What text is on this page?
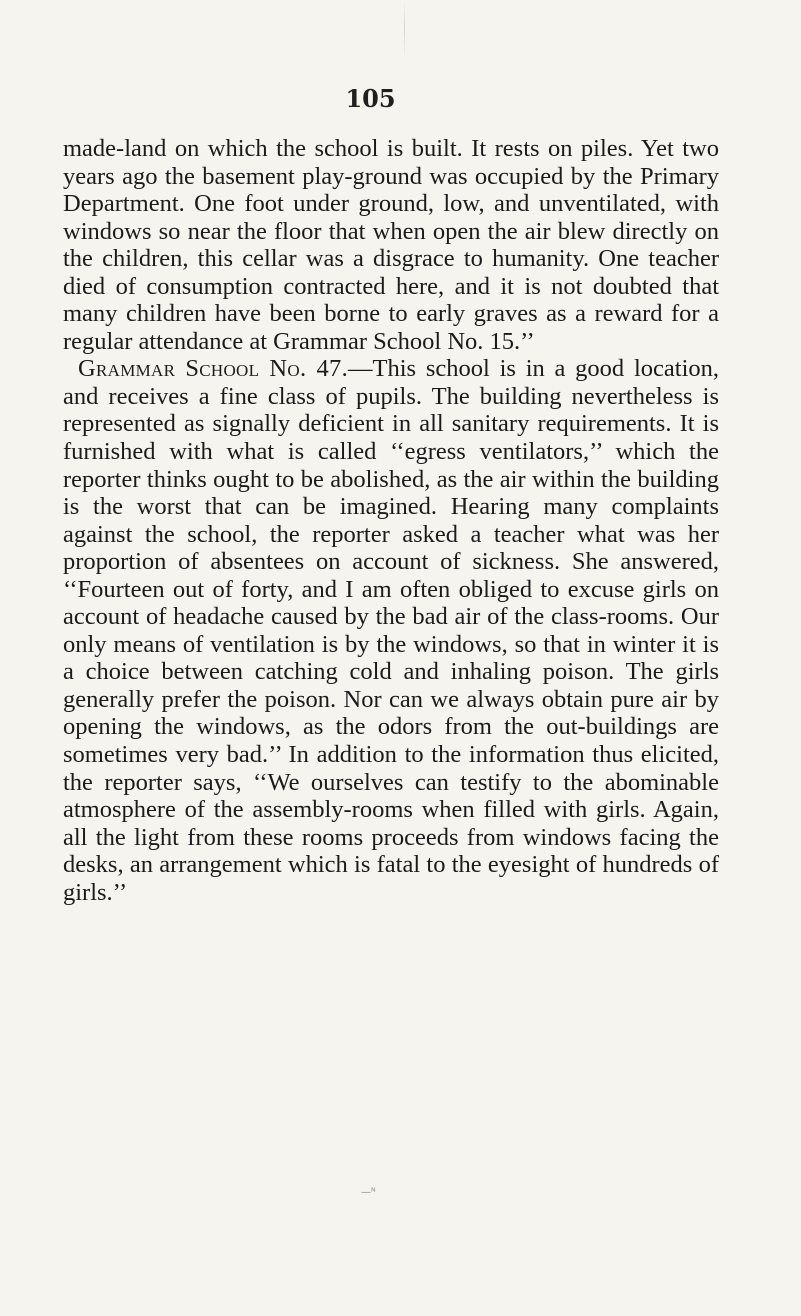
105

made-land on which the school is built. It rests on piles. Yet two years ago the basement play-ground was occupied by the Primary Department. One foot under ground, low, and unventilated, with windows so near the floor that when open the air blew directly on the children, this cellar was a disgrace to humanity. One teacher died of consumption contracted here, and it is not doubted that many children have been borne to early graves as a reward for a regular attendance at Grammar School No. 15.’’

Grammar School No. 47.—This school is in a good location, and receives a fine class of pupils. The building nevertheless is represented as signally deficient in all sanitary requirements. It is furnished with what is called ‘‘egress ventilators,’’ which the reporter thinks ought to be abolished, as the air within the building is the worst that can be imagined. Hearing many complaints against the school, the reporter asked a teacher what was her proportion of absentees on account of sickness. She answered, ‘‘Fourteen out of forty, and I am often obliged to excuse girls on account of headache caused by the bad air of the class-rooms. Our only means of ventilation is by the windows, so that in winter it is a choice between catching cold and inhaling poison. The girls generally prefer the poison. Nor can we always obtain pure air by opening the windows, as the odors from the out-buildings are sometimes very bad.’’ In addition to the information thus elicited, the reporter says, ‘‘We ourselves can testify to the abominable atmosphere of the assembly-rooms when filled with girls. Again, all the light from these rooms proceeds from windows facing the desks, an arrangement which is fatal to the eyesight of hundreds of girls.’’

—ᴺ
